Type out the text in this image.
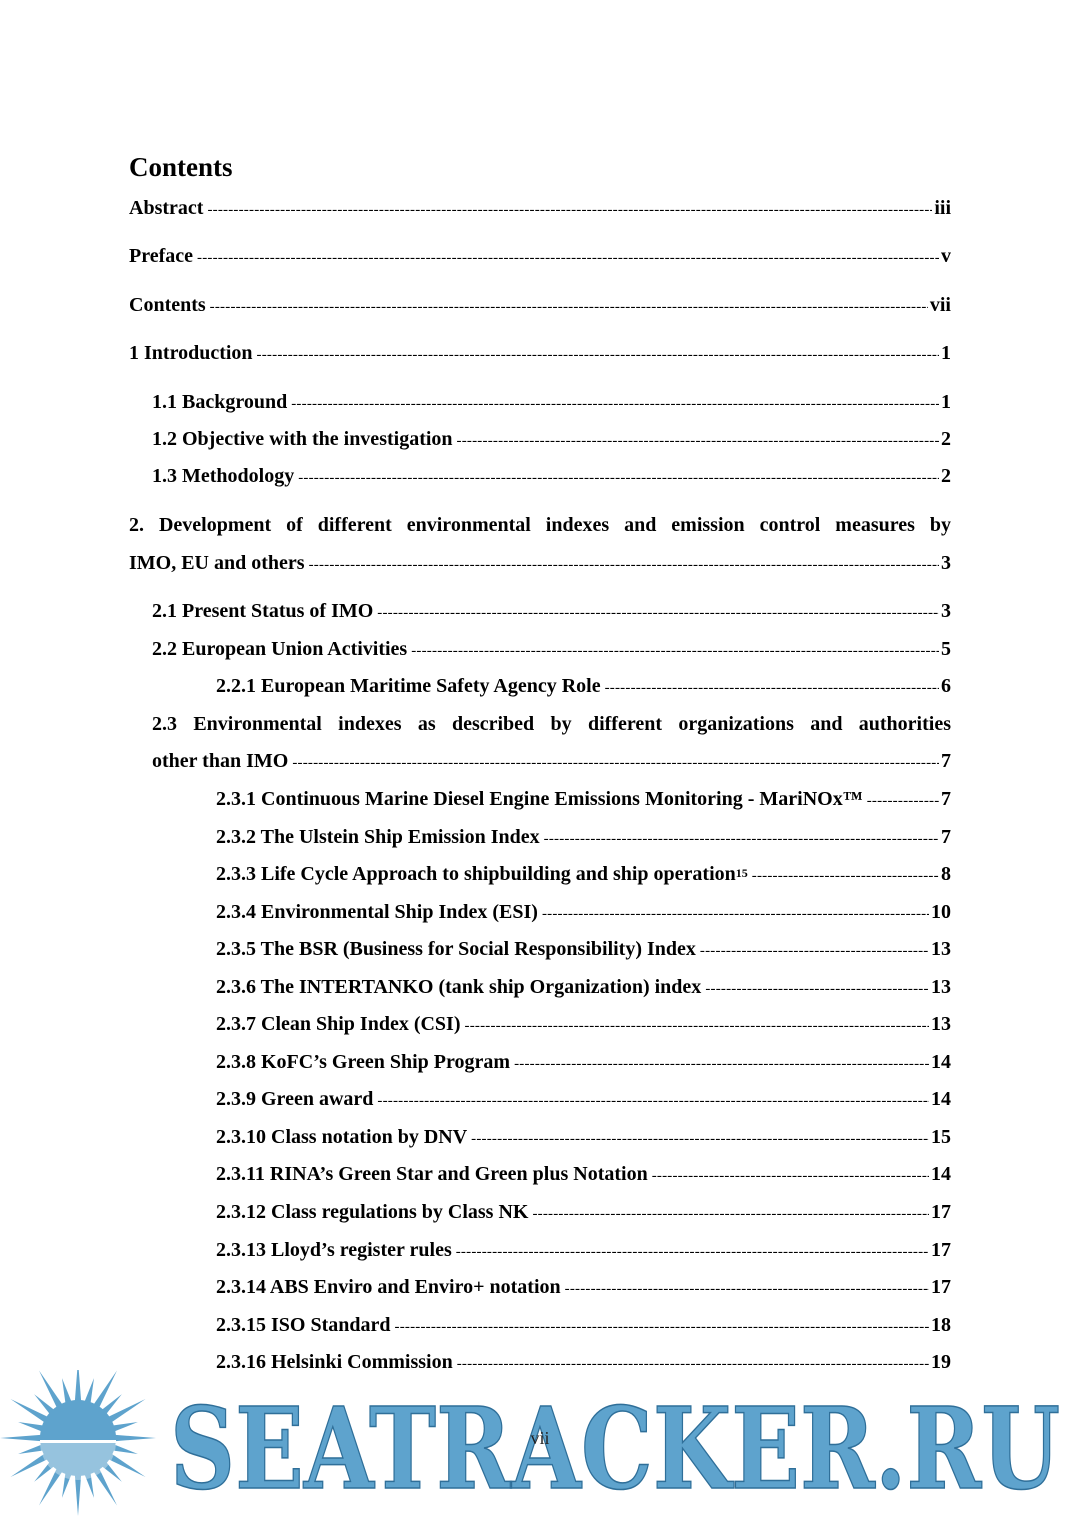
Contents
Abstract -----	iii
Preface -----	v
Contents -----	vii
1 Introduction -----	1
1.1 Background -----	1
1.2 Objective with the investigation -----	2
1.3 Methodology -----	2
2. Development of different environmental indexes and emission control measures by
IMO, EU and others -----	3
2.1 Present Status of IMO -----	3
2.2 European Union Activities -----	5
2.2.1 European Maritime Safety Agency Role -----	6
2.3 Environmental indexes as described by different organizations and authorities
other than IMO -----	7
2.3.1 Continuous Marine Diesel Engine Emissions Monitoring - MariNOx™ -----	7
2.3.2 The Ulstein Ship Emission Index -----	7
2.3.3 Life Cycle Approach to shipbuilding and ship operation$^{15}$ -----	8
2.3.4 Environmental Ship Index (ESI) -----	10
2.3.5 The BSR (Business for Social Responsibility) Index -----	13
2.3.6 The INTERTANKO (tank ship Organization) index -----	13
2.3.7 Clean Ship Index (CSI) -----	13
2.3.8 KoFC’s Green Ship Program -----	14
2.3.9 Green award -----	14
2.3.10 Class notation by DNV -----	15
2.3.11 RINA’s Green Star and Green plus Notation -----	14
2.3.12 Class regulations by Class NK -----	17
2.3.13 Lloyd’s register rules -----	17
2.3.14 ABS Enviro and Enviro+ notation -----	17
2.3.15 ISO Standard -----	18
2.3.16 Helsinki Commission -----	19
SEATRACKER.RU
vii
